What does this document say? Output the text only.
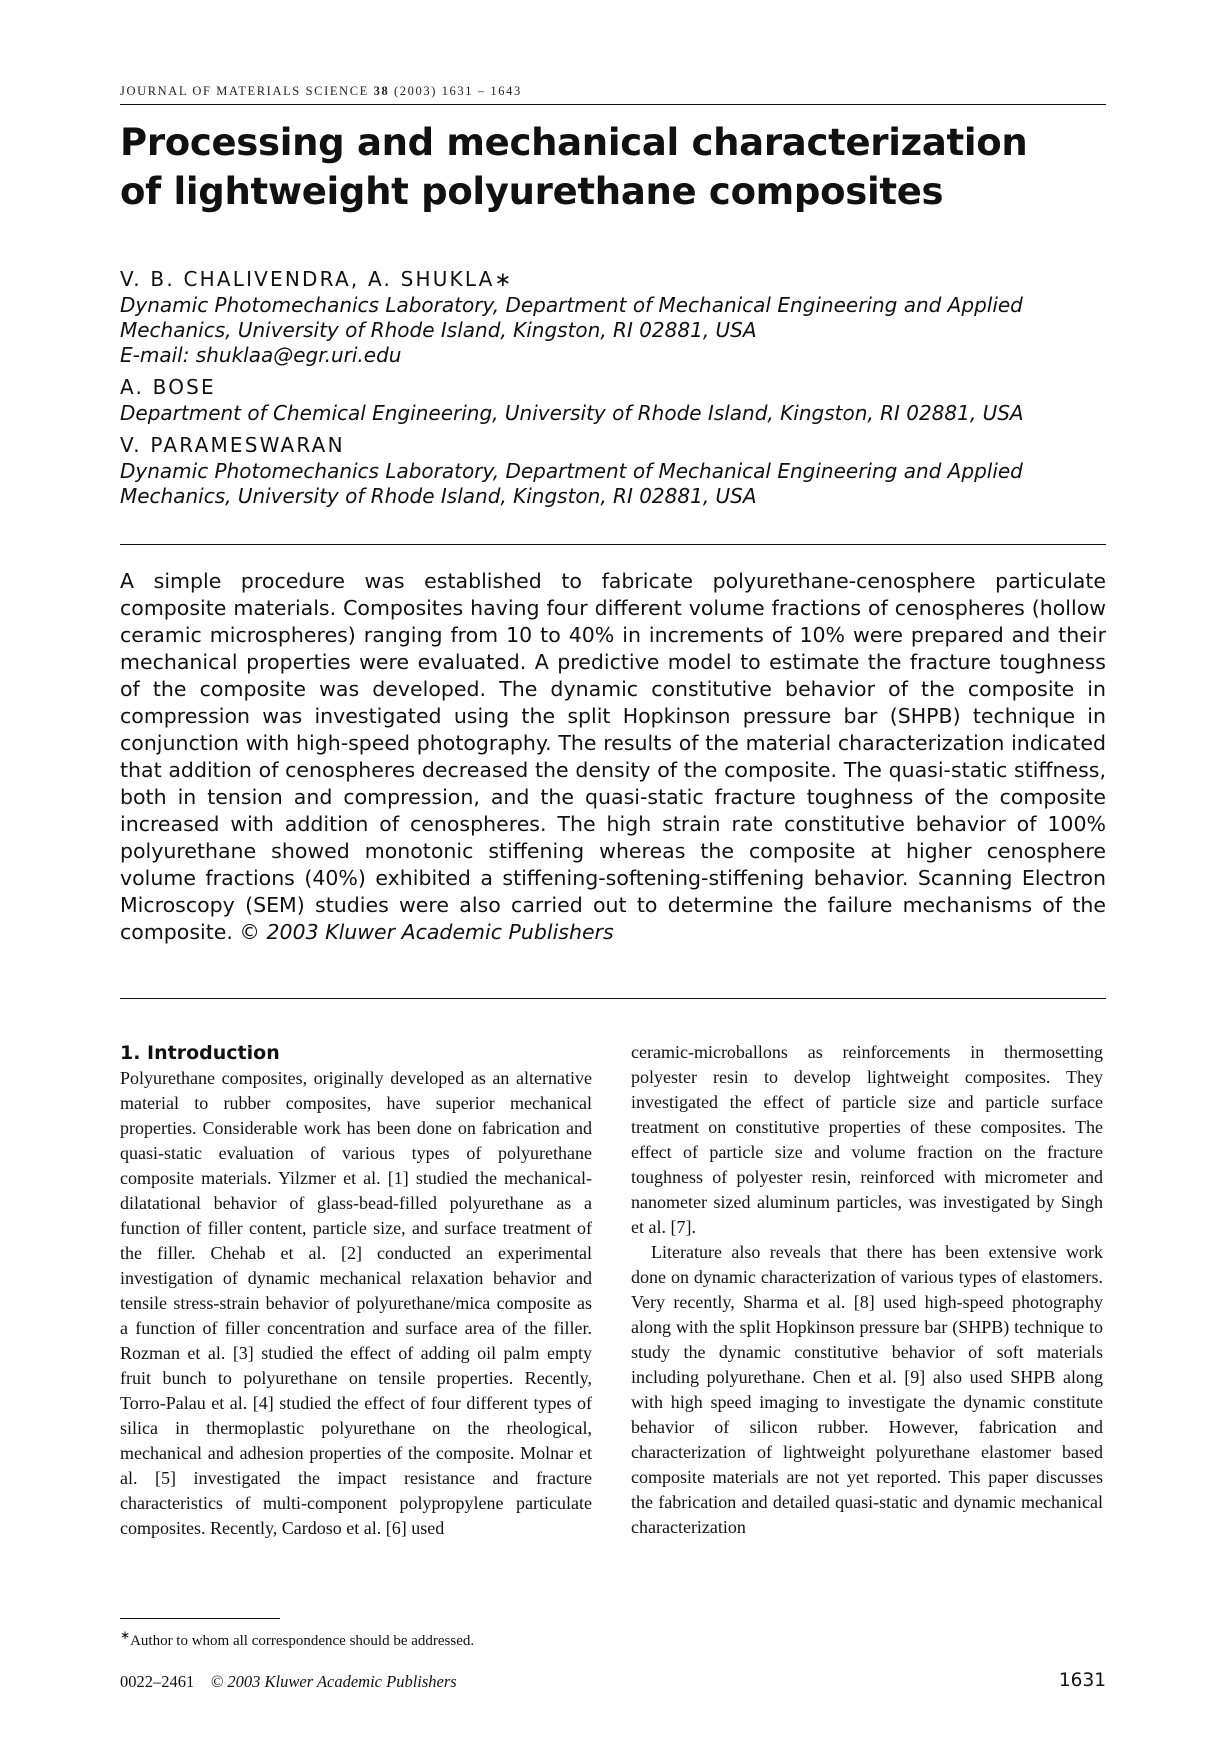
JOURNAL OF MATERIALS SCIENCE 38 (2003) 1631 – 1643
Processing and mechanical characterization
of lightweight polyurethane composites
V. B. CHALIVENDRA, A. SHUKLA∗
Dynamic Photomechanics Laboratory, Department of Mechanical Engineering and Applied
Mechanics, University of Rhode Island, Kingston, RI 02881, USA
E-mail: shuklaa@egr.uri.edu
A. BOSE
Department of Chemical Engineering, University of Rhode Island, Kingston, RI 02881, USA
V. PARAMESWARAN
Dynamic Photomechanics Laboratory, Department of Mechanical Engineering and Applied
Mechanics, University of Rhode Island, Kingston, RI 02881, USA
A simple procedure was established to fabricate polyurethane-cenosphere particulate composite materials. Composites having four different volume fractions of cenospheres (hollow ceramic microspheres) ranging from 10 to 40% in increments of 10% were prepared and their mechanical properties were evaluated. A predictive model to estimate the fracture toughness of the composite was developed. The dynamic constitutive behavior of the composite in compression was investigated using the split Hopkinson pressure bar (SHPB) technique in conjunction with high-speed photography. The results of the material characterization indicated that addition of cenospheres decreased the density of the composite. The quasi-static stiffness, both in tension and compression, and the quasi-static fracture toughness of the composite increased with addition of cenospheres. The high strain rate constitutive behavior of 100% polyurethane showed monotonic stiffening whereas the composite at higher cenosphere volume fractions (40%) exhibited a stiffening-softening-stiffening behavior. Scanning Electron Microscopy (SEM) studies were also carried out to determine the failure mechanisms of the composite. © 2003 Kluwer Academic Publishers
1. Introduction

Polyurethane composites, originally developed as an alternative material to rubber composites, have superior mechanical properties. Considerable work has been done on fabrication and quasi-static evaluation of various types of polyurethane composite materials. Yilzmer et al. [1] studied the mechanical-dilatational behavior of glass-bead-filled polyurethane as a function of filler content, particle size, and surface treatment of the filler. Chehab et al. [2] conducted an experimental investigation of dynamic mechanical relaxation behavior and tensile stress-strain behavior of polyurethane/mica composite as a function of filler concentration and surface area of the filler. Rozman et al. [3] studied the effect of adding oil palm empty fruit bunch to polyurethane on tensile properties. Recently, Torro-Palau et al. [4] studied the effect of four different types of silica in thermoplastic polyurethane on the rheological, mechanical and adhesion properties of the composite. Molnar et al. [5] investigated the impact resistance and fracture characteristics of multi-component polypropylene particulate composites. Recently, Cardoso et al. [6] used

ceramic-microballons as reinforcements in thermosetting polyester resin to develop lightweight composites. They investigated the effect of particle size and particle surface treatment on constitutive properties of these composites. The effect of particle size and volume fraction on the fracture toughness of polyester resin, reinforced with micrometer and nanometer sized aluminum particles, was investigated by Singh et al. [7].

Literature also reveals that there has been extensive work done on dynamic characterization of various types of elastomers. Very recently, Sharma et al. [8] used high-speed photography along with the split Hopkinson pressure bar (SHPB) technique to study the dynamic constitutive behavior of soft materials including polyurethane. Chen et al. [9] also used SHPB along with high speed imaging to investigate the dynamic constitute behavior of silicon rubber. However, fabrication and characterization of lightweight polyurethane elastomer based composite materials are not yet reported. This paper discusses the fabrication and detailed quasi-static and dynamic mechanical characterization

∗Author to whom all correspondence should be addressed.
0022–2461 © 2003 Kluwer Academic Publishers	1631
